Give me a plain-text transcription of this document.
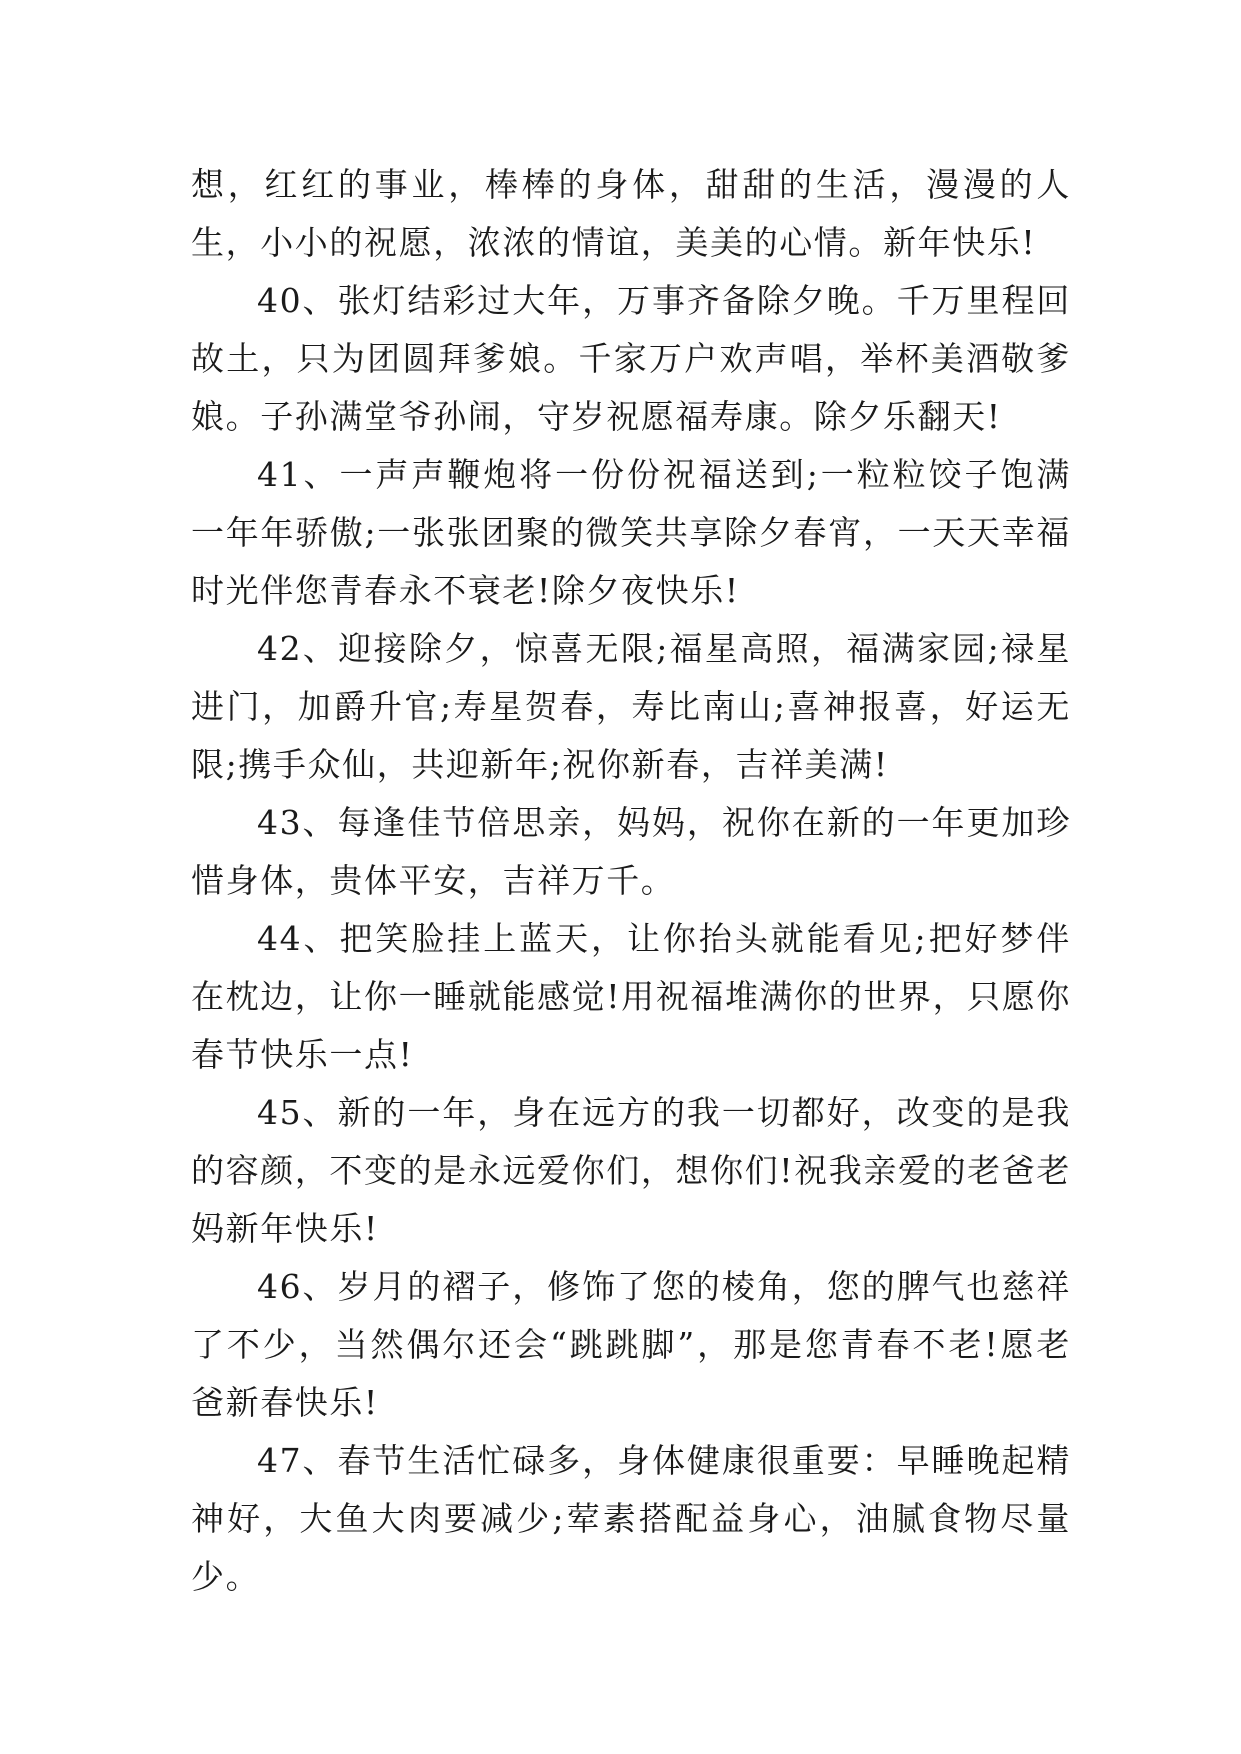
想，红红的事业，棒棒的身体，甜甜的生活，漫漫的人生，小小的祝愿，浓浓的情谊，美美的心情。新年快乐!

40、张灯结彩过大年，万事齐备除夕晚。千万里程回故土，只为团圆拜爹娘。千家万户欢声唱，举杯美酒敬爹娘。子孙满堂爷孙闹，守岁祝愿福寿康。除夕乐翻天!

41、一声声鞭炮将一份份祝福送到;一粒粒饺子饱满一年年骄傲;一张张团聚的微笑共享除夕春宵，一天天幸福时光伴您青春永不衰老!除夕夜快乐!

42、迎接除夕，惊喜无限;福星高照，福满家园;禄星进门，加爵升官;寿星贺春，寿比南山;喜神报喜，好运无限;携手众仙，共迎新年;祝你新春，吉祥美满!

43、每逢佳节倍思亲，妈妈，祝你在新的一年更加珍惜身体，贵体平安，吉祥万千。

44、把笑脸挂上蓝天，让你抬头就能看见;把好梦伴在枕边，让你一睡就能感觉!用祝福堆满你的世界，只愿你春节快乐一点!

45、新的一年，身在远方的我一切都好，改变的是我的容颜，不变的是永远爱你们，想你们!祝我亲爱的老爸老妈新年快乐!

46、岁月的褶子，修饰了您的棱角，您的脾气也慈祥了不少，当然偶尔还会“跳跳脚”，那是您青春不老!愿老爸新春快乐!

47、春节生活忙碌多，身体健康很重要：早睡晚起精神好，大鱼大肉要减少;荤素搭配益身心，油腻食物尽量少。
